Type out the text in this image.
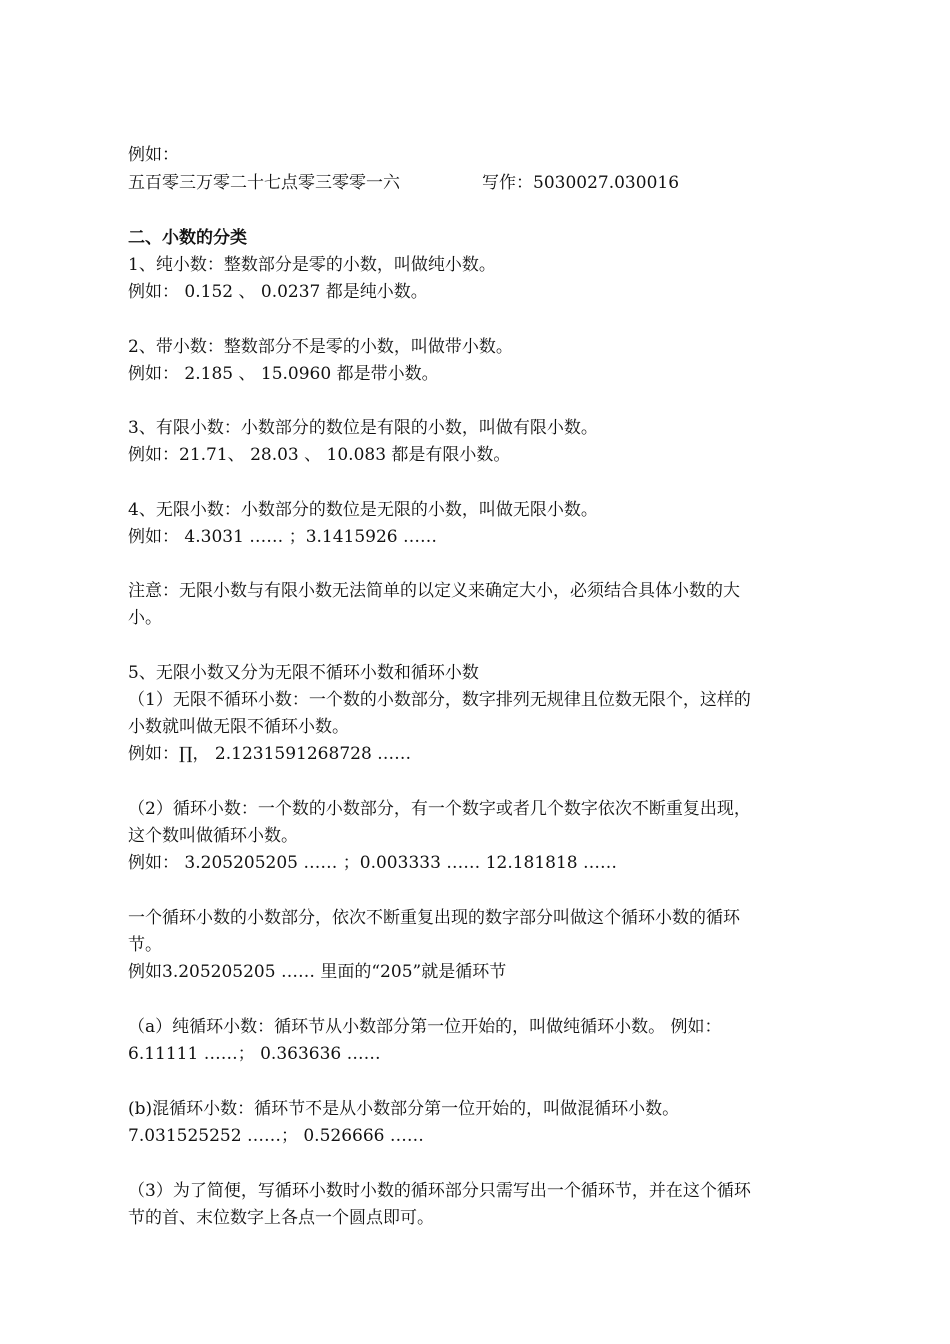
例如：
五百零三万零二十七点零三零零一六	写作：5030027.030016
二、小数的分类
1、纯小数：整数部分是零的小数，叫做纯小数。
例如： 0.152 、 0.0237 都是纯小数。
2、带小数：整数部分不是零的小数，叫做带小数。
例如： 2.185 、 15.0960 都是带小数。
3、有限小数：小数部分的数位是有限的小数，叫做有限小数。
例如：21.71、 28.03 、 10.083 都是有限小数。
4、无限小数：小数部分的数位是无限的小数，叫做无限小数。
例如： 4.3031 …… ；3.1415926 ……
注意：无限小数与有限小数无法简单的以定义来确定大小，必须结合具体小数的大
小。
5、无限小数又分为无限不循环小数和循环小数
（1）无限不循环小数：一个数的小数部分，数字排列无规律且位数无限个，这样的
小数就叫做无限不循环小数。
例如：∏， 2.1231591268728 ……
（2）循环小数：一个数的小数部分，有一个数字或者几个数字依次不断重复出现，
这个数叫做循环小数。
例如： 3.205205205 …… ；0.003333 …… 12.181818 ……
一个循环小数的小数部分，依次不断重复出现的数字部分叫做这个循环小数的循环
节。
例如3.205205205 …… 里面的“205”就是循环节
（a）纯循环小数：循环节从小数部分第一位开始的，叫做纯循环小数。 例如：
6.11111 ……； 0.363636 ……
(b)混循环小数：循环节不是从小数部分第一位开始的，叫做混循环小数。
7.031525252 ……； 0.526666 ……
（3）为了简便，写循环小数时小数的循环部分只需写出一个循环节，并在这个循环
节的首、末位数字上各点一个圆点即可。
